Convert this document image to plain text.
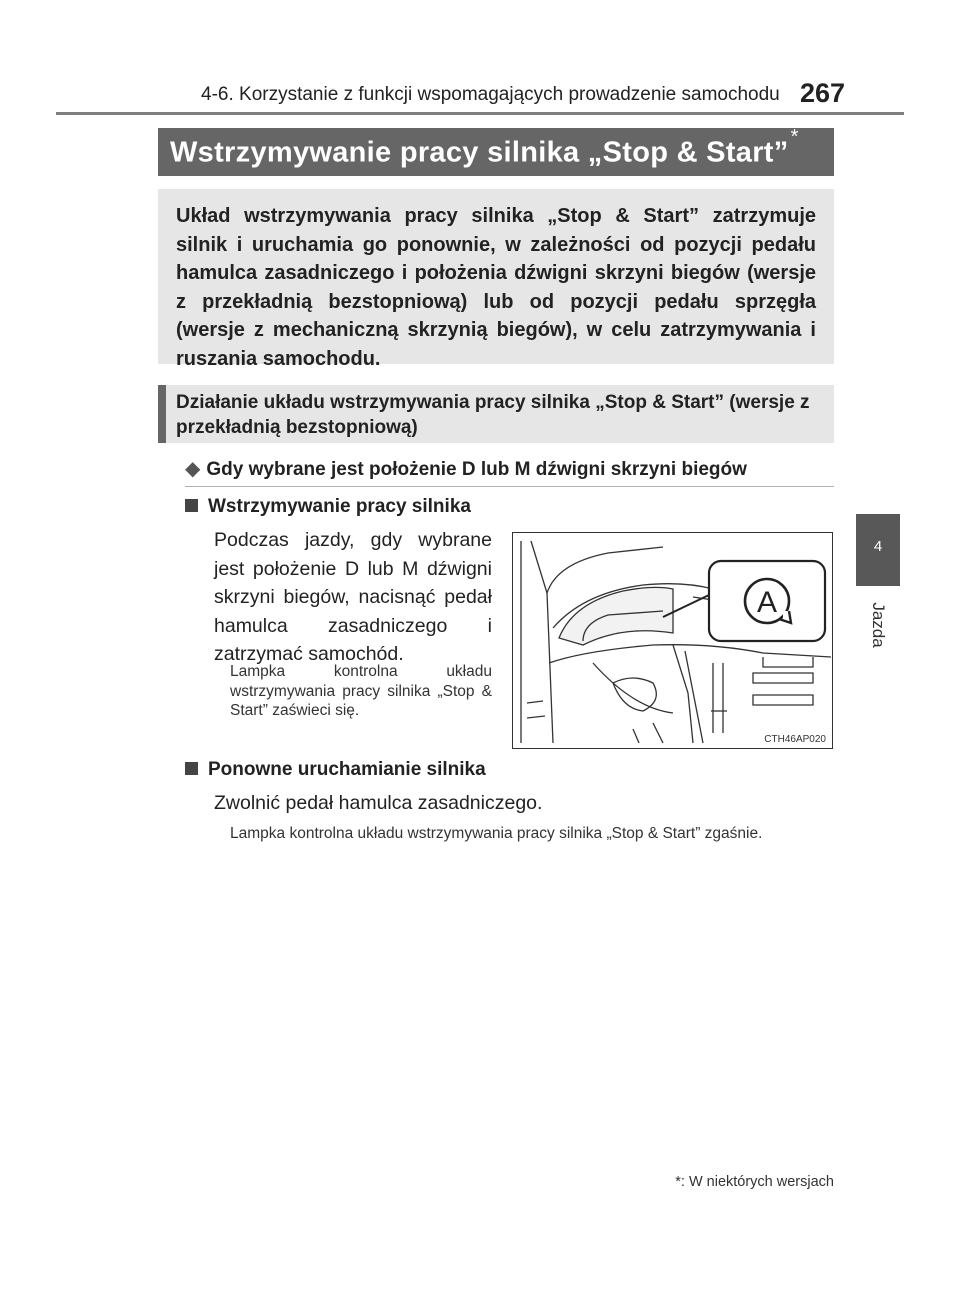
4-6. Korzystanie z funkcji wspomagających prowadzenie samochodu 267
4
Jazda
Wstrzymywanie pracy silnika „Stop & Start” *

Układ wstrzymywania pracy silnika „Stop & Start” zatrzymuje silnik i uruchamia go ponownie, w zależności od pozycji pedału hamulca zasadniczego i położenia dźwigni skrzyni biegów (wersje z przekładnią bezstopniową) lub od pozycji pedału sprzęgła (wersje z mechaniczną skrzynią biegów), w celu zatrzymywania i ruszania samochodu.

Działanie układu wstrzymywania pracy silnika „Stop & Start” (wersje z przekładnią bezstopniową)

◆ Gdy wybrane jest położenie D lub M dźwigni skrzyni biegów
Wstrzymywanie pracy silnika
Podczas jazdy, gdy wybrane jest położenie D lub M dźwigni skrzyni biegów, nacisnąć pedał hamulca zasadniczego i zatrzymać samochód.
Lampka kontrolna układu wstrzymywania pracy silnika „Stop & Start” zaświeci się.
A
CTH46AP020
Ponowne uruchamianie silnika
Zwolnić pedał hamulca zasadniczego.
Lampka kontrolna układu wstrzymywania pracy silnika „Stop & Start” zgaśnie.
*: W niektórych wersjach
